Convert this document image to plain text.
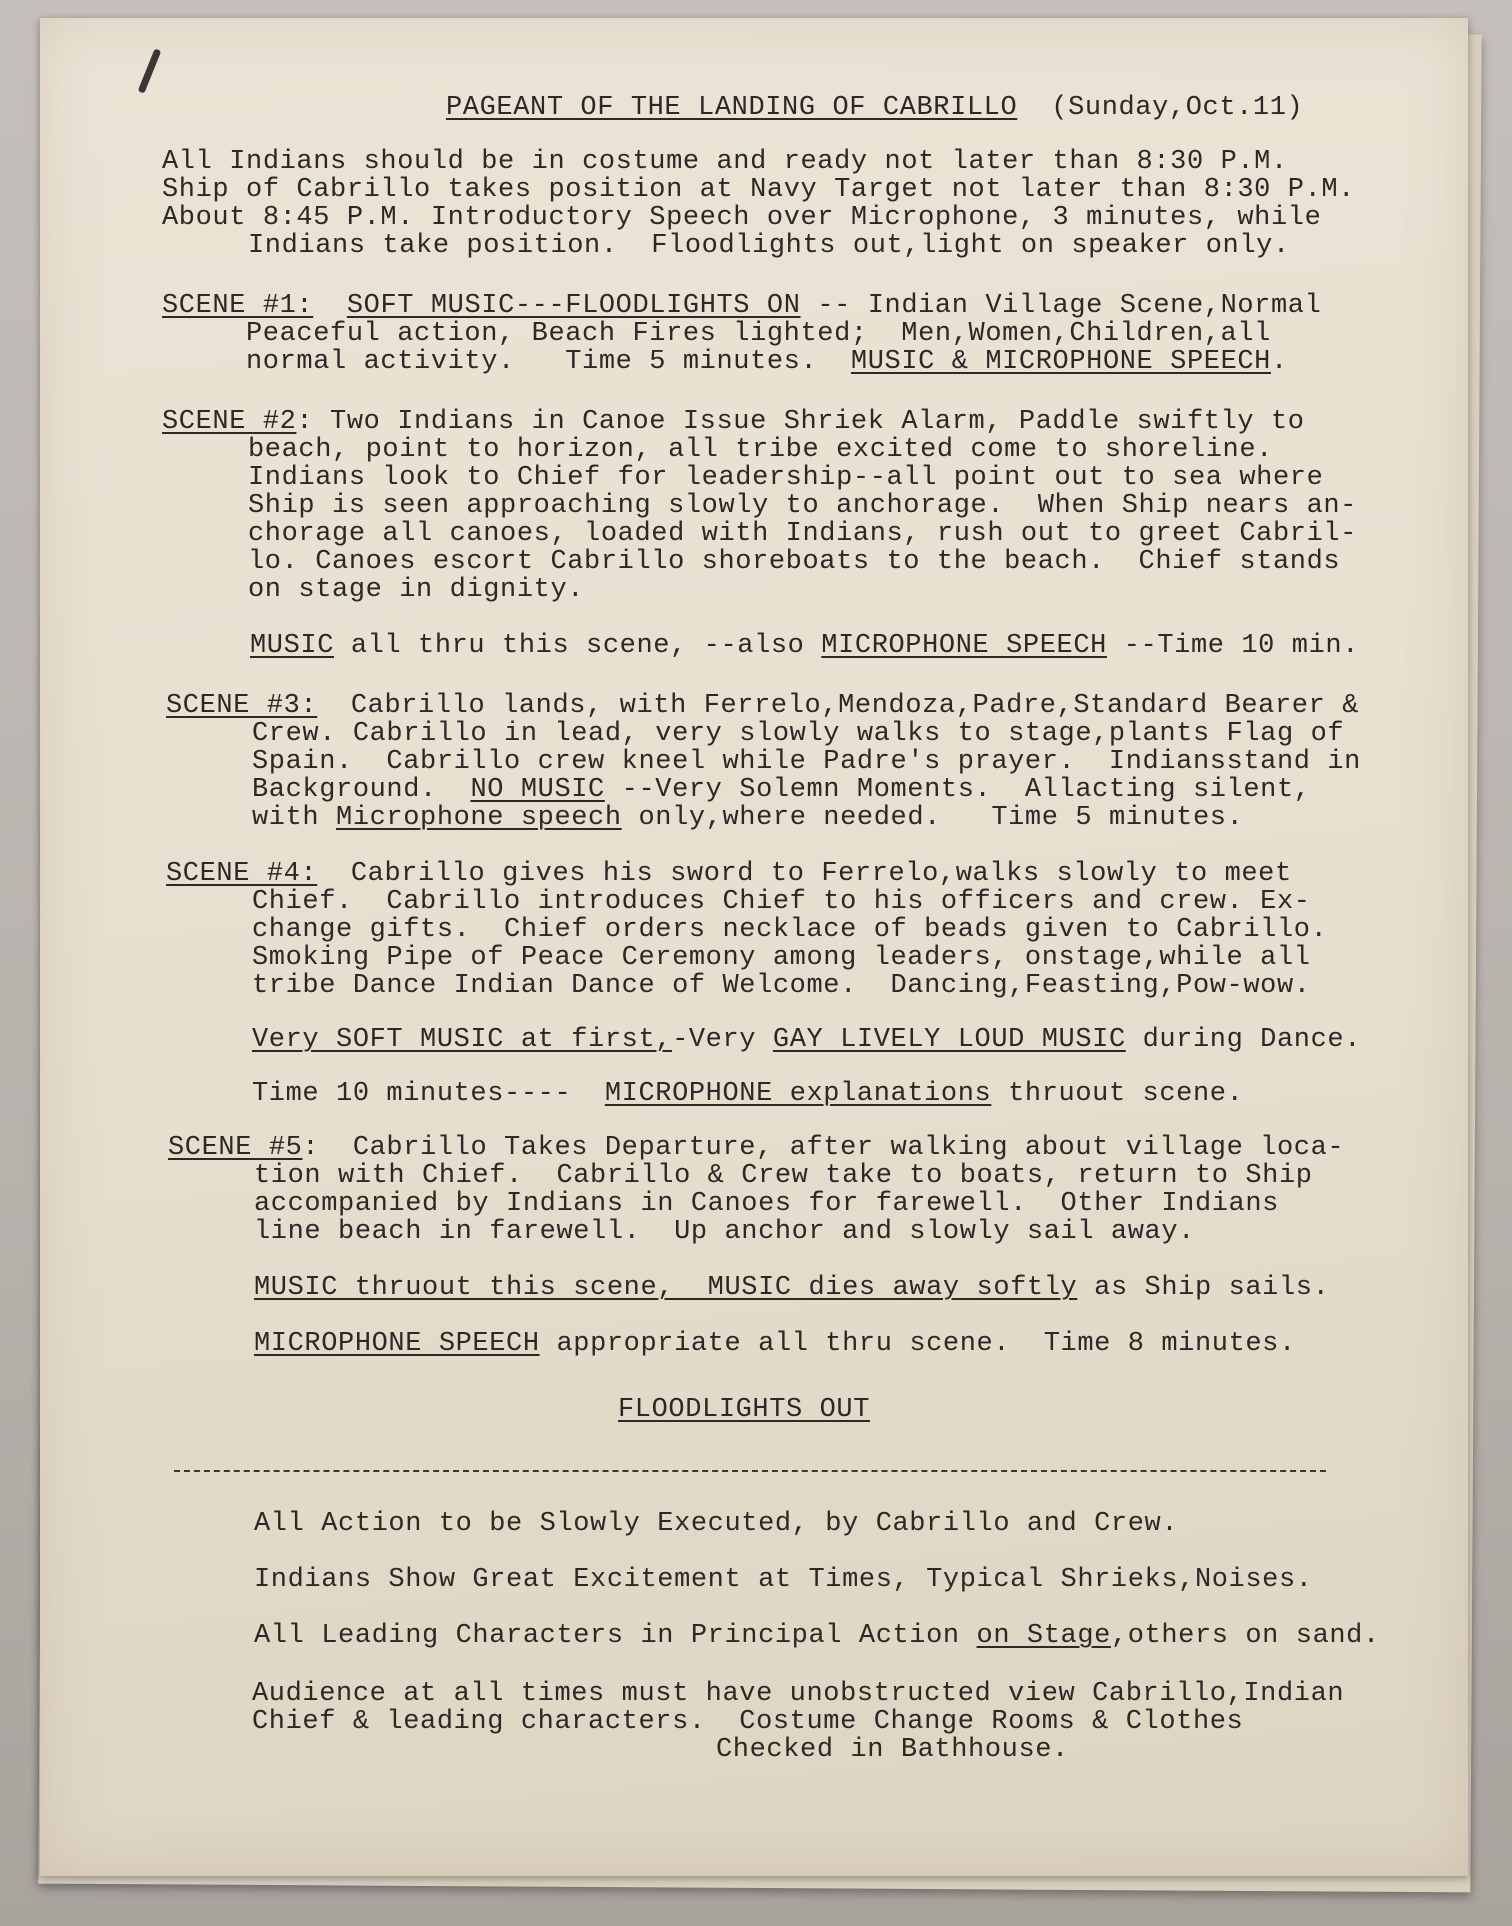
PAGEANT OF THE LANDING OF CABRILLO (Sunday,Oct.11)
All Indians should be in costume and ready not later than 8:30 P.M.
Ship of Cabrillo takes position at Navy Target not later than 8:30 P.M.
About 8:45 P.M. Introductory Speech over Microphone, 3 minutes, while
Indians take position.  Floodlights out,light on speaker only.
SCENE #1: SOFT MUSIC---FLOODLIGHTS ON -- Indian Village Scene,Normal
Peaceful action, Beach Fires lighted;  Men,Women,Children,all
normal activity.   Time 5 minutes.  MUSIC & MICROPHONE SPEECH.
SCENE #2: Two Indians in Canoe Issue Shriek Alarm, Paddle swiftly to
beach, point to horizon, all tribe excited come to shoreline.
Indians look to Chief for leadership--all point out to sea where
Ship is seen approaching slowly to anchorage.  When Ship nears an-
chorage all canoes, loaded with Indians, rush out to greet Cabril-
lo. Canoes escort Cabrillo shoreboats to the beach.  Chief stands
on stage in dignity.
MUSIC all thru this scene, --also MICROPHONE SPEECH --Time 10 min.
SCENE #3:  Cabrillo lands, with Ferrelo,Mendoza,Padre,Standard Bearer &
Crew. Cabrillo in lead, very slowly walks to stage,plants Flag of
Spain.  Cabrillo crew kneel while Padre's prayer.  Indiansstand in
Background.  NO MUSIC --Very Solemn Moments.  Allacting silent,
with Microphone speech only,where needed.   Time 5 minutes.
SCENE #4:  Cabrillo gives his sword to Ferrelo,walks slowly to meet
Chief.  Cabrillo introduces Chief to his officers and crew. Ex-
change gifts.  Chief orders necklace of beads given to Cabrillo.
Smoking Pipe of Peace Ceremony among leaders, onstage,while all
tribe Dance Indian Dance of Welcome.  Dancing,Feasting,Pow-wow.
Very SOFT MUSIC at first,-Very GAY LIVELY LOUD MUSIC during Dance.
Time 10 minutes----  MICROPHONE explanations thruout scene.
SCENE #5:  Cabrillo Takes Departure, after walking about village loca-
tion with Chief.  Cabrillo & Crew take to boats, return to Ship
accompanied by Indians in Canoes for farewell.  Other Indians
line beach in farewell.  Up anchor and slowly sail away.
MUSIC thruout this scene,  MUSIC dies away softly as Ship sails.
MICROPHONE SPEECH appropriate all thru scene.  Time 8 minutes.
FLOODLIGHTS OUT
All Action to be Slowly Executed, by Cabrillo and Crew.
Indians Show Great Excitement at Times, Typical Shrieks,Noises.
All Leading Characters in Principal Action on Stage,others on sand.
Audience at all times must have unobstructed view Cabrillo,Indian
Chief & leading characters.  Costume Change Rooms & Clothes
Checked in Bathhouse.
